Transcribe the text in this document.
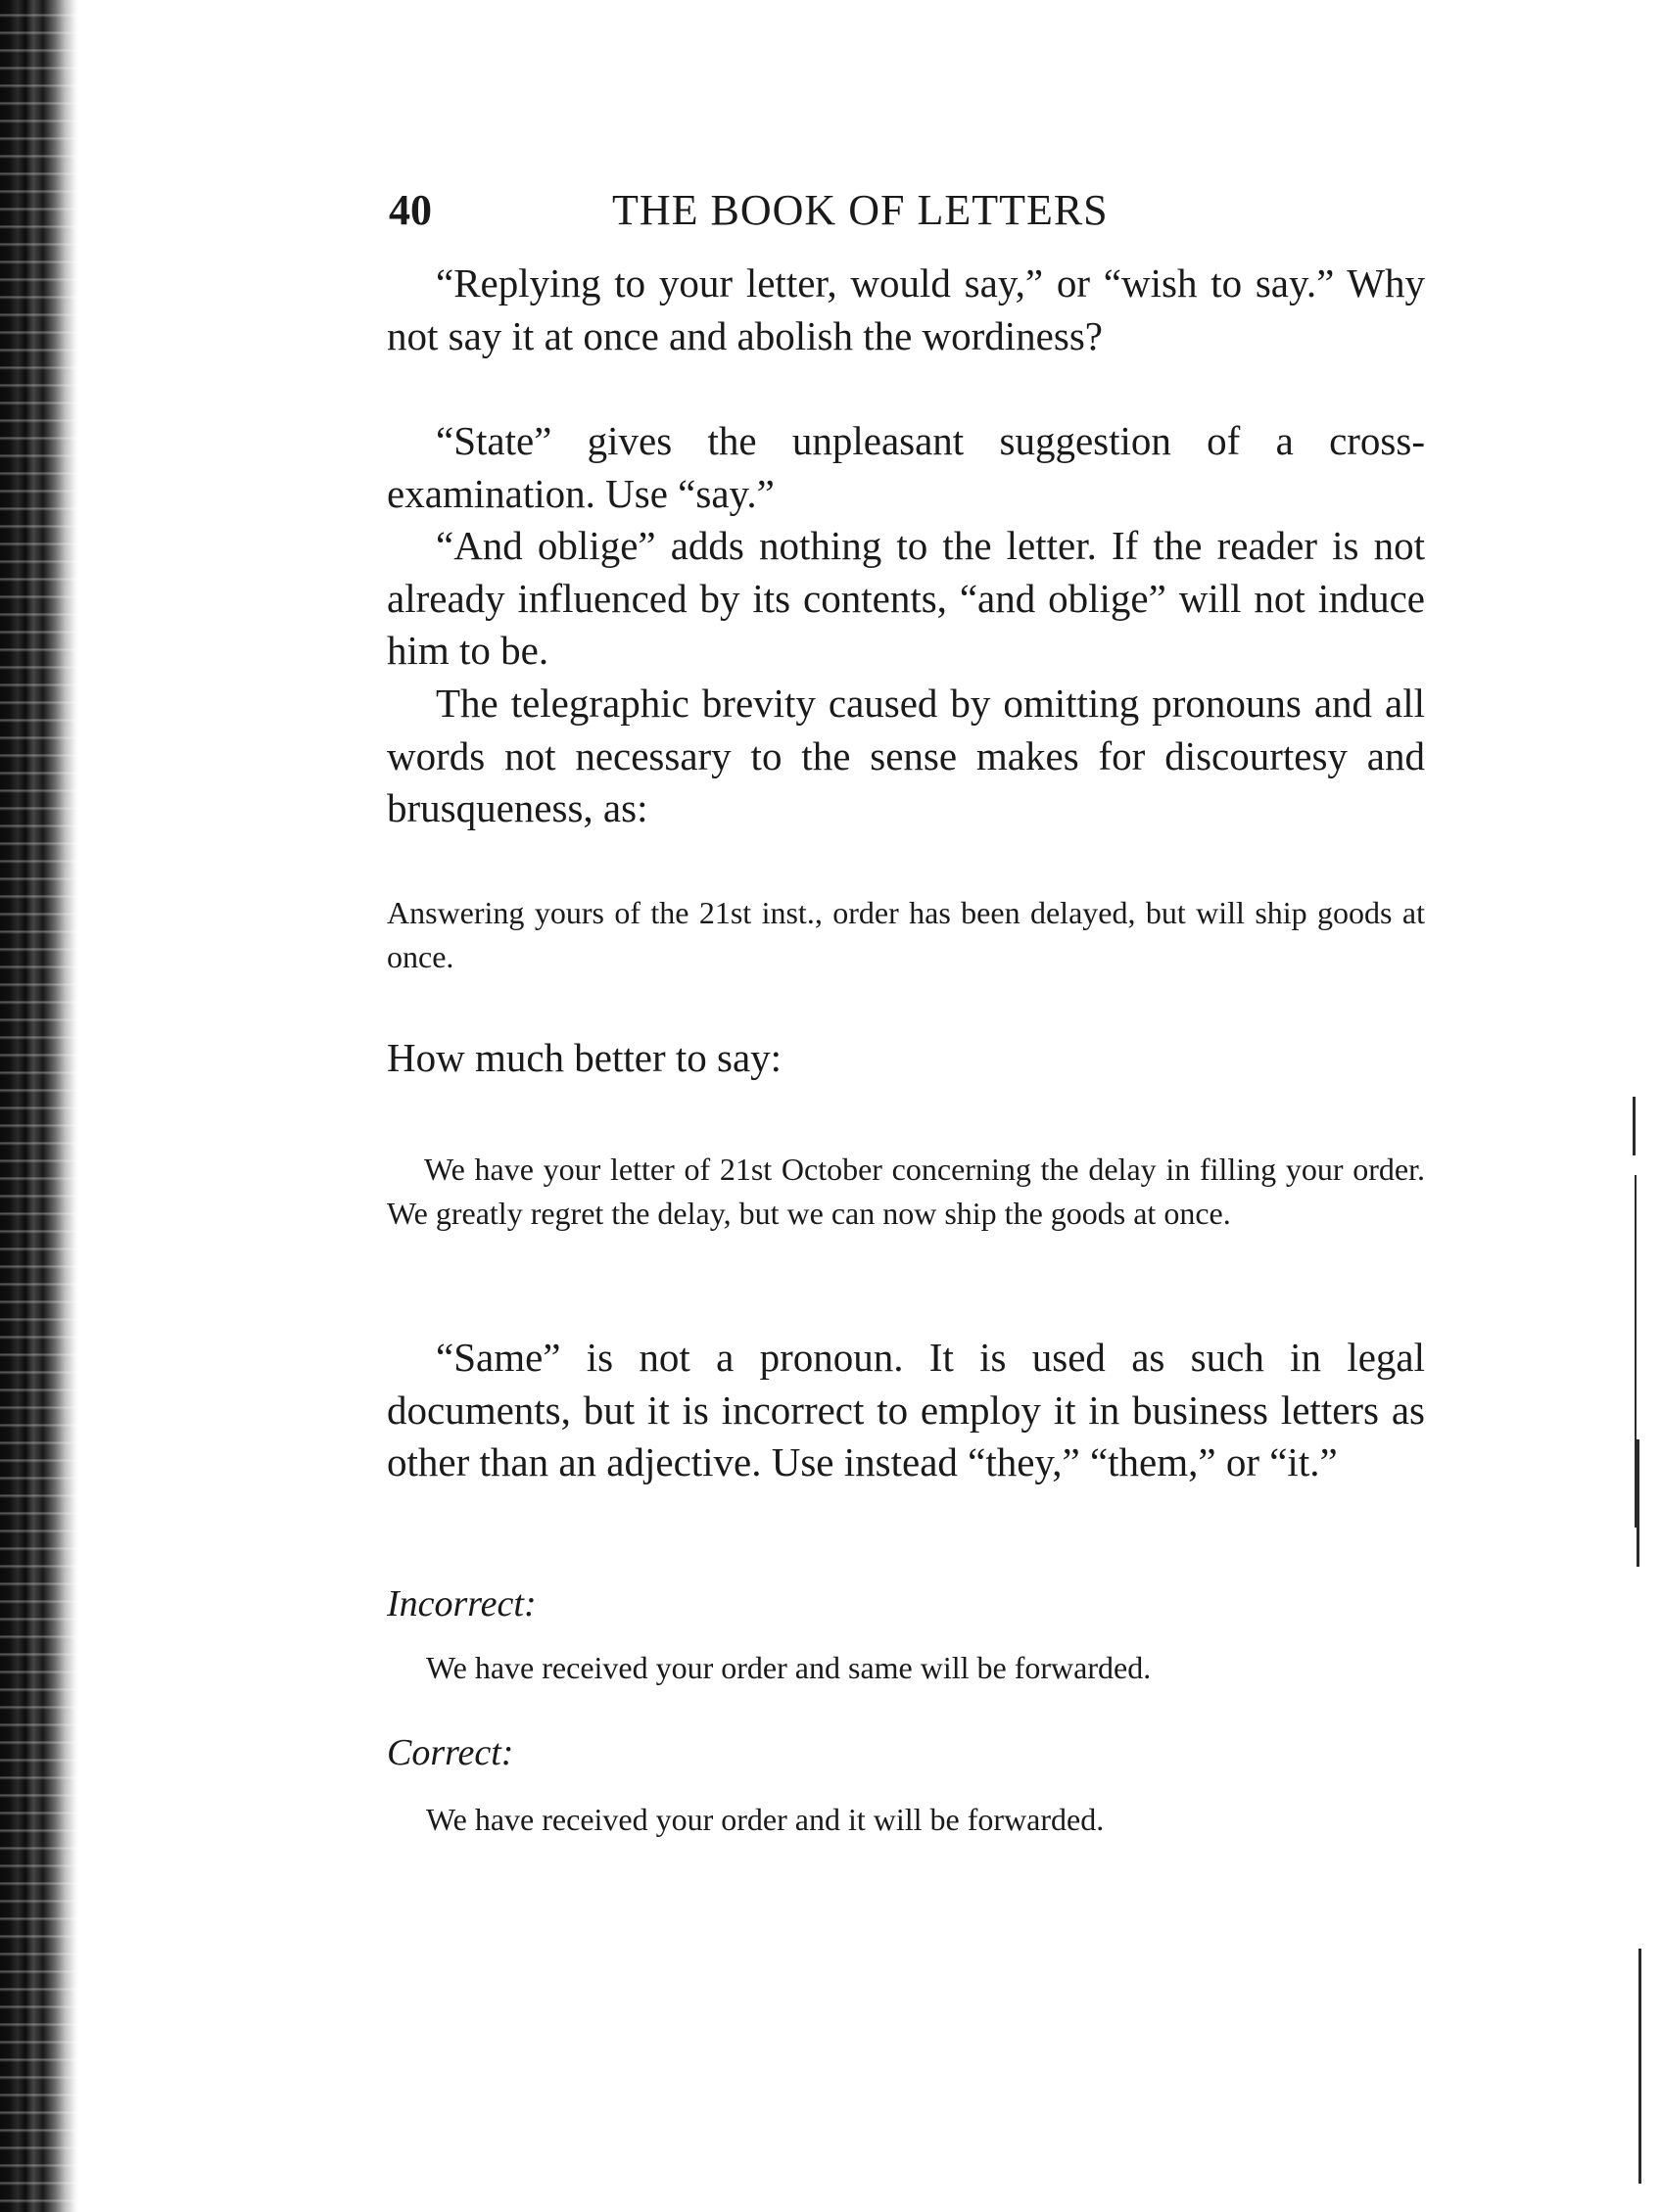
40	THE BOOK OF LETTERS

“Replying to your letter, would say,” or “wish to say.” Why not say it at once and abolish the wordiness?

“State” gives the unpleasant suggestion of a cross-examination. Use “say.”

“And oblige” adds nothing to the letter. If the reader is not already influenced by its contents, “and oblige” will not induce him to be.

The telegraphic brevity caused by omitting pronouns and all words not necessary to the sense makes for discourtesy and brusqueness, as:

Answering yours of the 21st inst., order has been delayed, but will ship goods at once.

How much better to say:

We have your letter of 21st October concerning the delay in filling your order. We greatly regret the delay, but we can now ship the goods at once.

“Same” is not a pronoun. It is used as such in legal documents, but it is incorrect to employ it in business letters as other than an adjective. Use instead “they,” “them,” or “it.”

Incorrect:

We have received your order and same will be forwarded.

Correct:

We have received your order and it will be forwarded.
